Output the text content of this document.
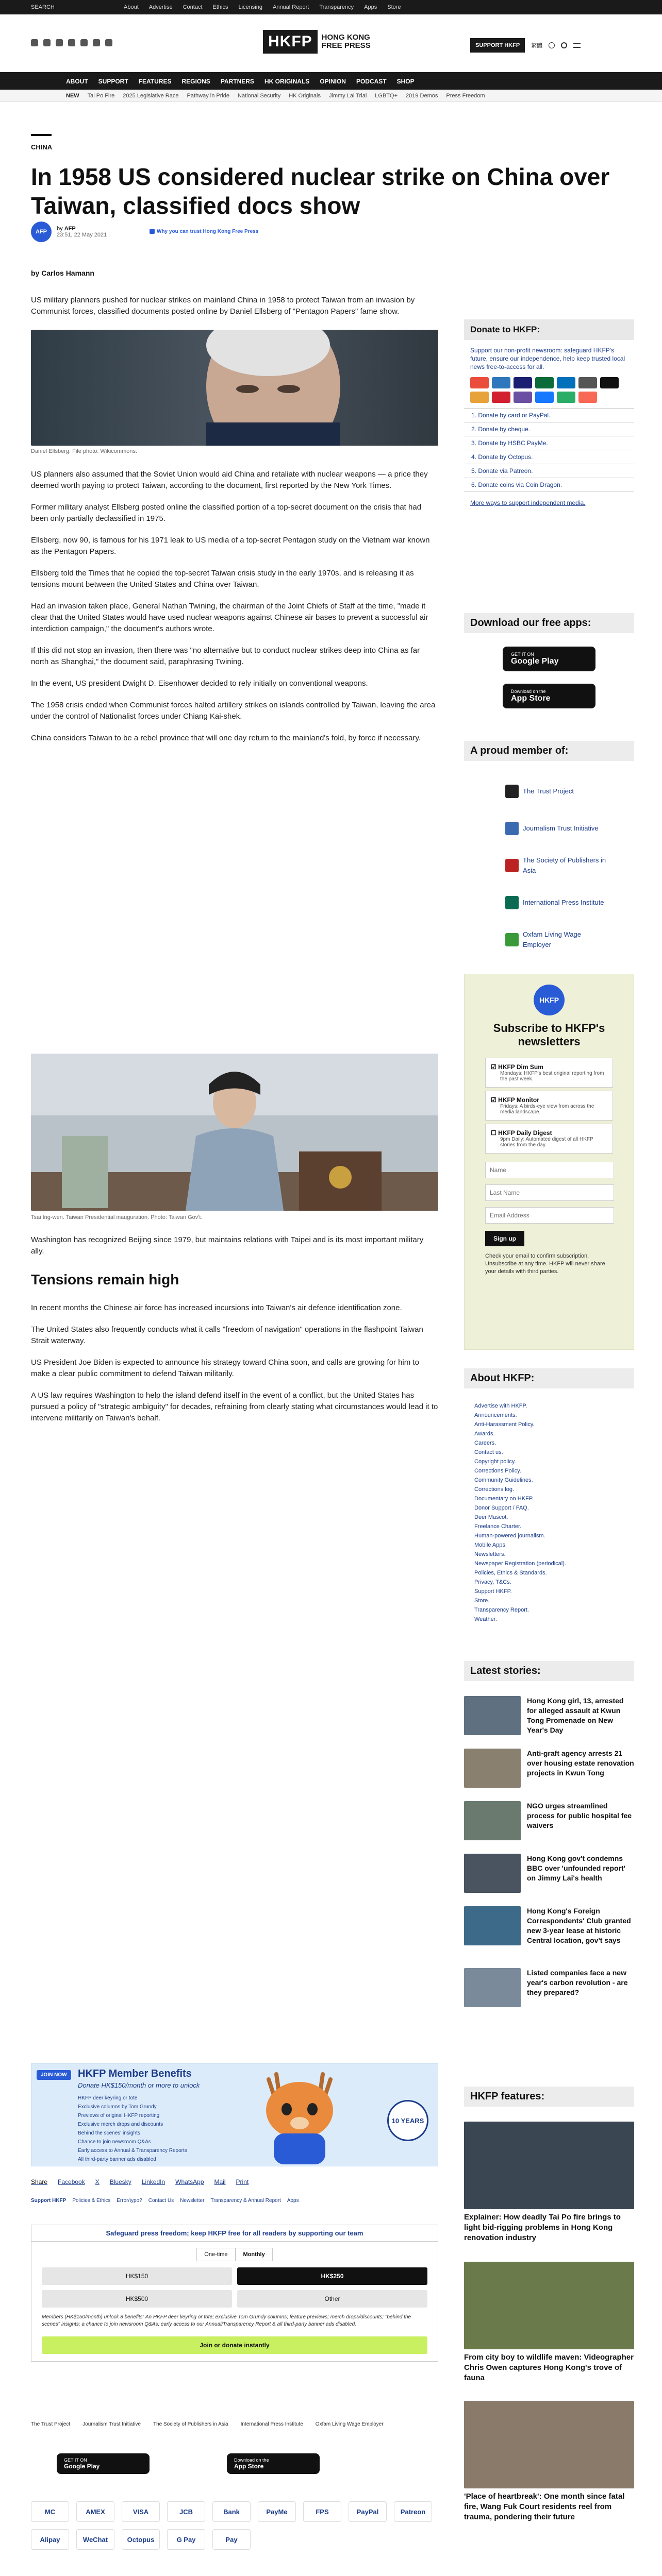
SEARCH	About Advertise Contact Ethics Licensing Annual Report Transparency Apps Store
HKFP	HONG KONG
FREE PRESS	SUPPORT HKFP	繁體
ABOUT SUPPORT FEATURES REGIONS PARTNERS HK ORIGINALS OPINION PODCAST SHOP
NEW Tai Po Fire 2025 Legislative Race Pathway in Pride National Security HK Originals Jimmy Lai Trial LGBTQ+ 2019 Demos Press Freedom
CHINA
In 1958 US considered nuclear strike on China over Taiwan, classified docs show
AFP	by AFP
23:51, 22 May 2021
Why you can trust Hong Kong Free Press
by Carlos Hamann
US military planners pushed for nuclear strikes on mainland China in 1958 to protect Taiwan from an invasion by Communist forces, classified documents posted online by Daniel Ellsberg of "Pentagon Papers" fame show.
Daniel Ellsberg. File photo: Wikicommons.

US planners also assumed that the Soviet Union would aid China and retaliate with nuclear weapons — a price they deemed worth paying to protect Taiwan, according to the document, first reported by the New York Times.

Former military analyst Ellsberg posted online the classified portion of a top-secret document on the crisis that had been only partially declassified in 1975.

Ellsberg, now 90, is famous for his 1971 leak to US media of a top-secret Pentagon study on the Vietnam war known as the Pentagon Papers.

Ellsberg told the Times that he copied the top-secret Taiwan crisis study in the early 1970s, and is releasing it as tensions mount between the United States and China over Taiwan.

Had an invasion taken place, General Nathan Twining, the chairman of the Joint Chiefs of Staff at the time, "made it clear that the United States would have used nuclear weapons against Chinese air bases to prevent a successful air interdiction campaign," the document's authors wrote.

If this did not stop an invasion, then there was "no alternative but to conduct nuclear strikes deep into China as far north as Shanghai," the document said, paraphrasing Twining.

In the event, US president Dwight D. Eisenhower decided to rely initially on conventional weapons.

The 1958 crisis ended when Communist forces halted artillery strikes on islands controlled by Taiwan, leaving the area under the control of Nationalist forces under Chiang Kai-shek.

China considers Taiwan to be a rebel province that will one day return to the mainland's fold, by force if necessary.

Tsai Ing-wen. Taiwan Presidential inauguration. Photo: Taiwan Gov't.
Washington has recognized Beijing since 1979, but maintains relations with Taipei and is its most important military ally.
Tensions remain high

In recent months the Chinese air force has increased incursions into Taiwan's air defence identification zone.

The United States also frequently conducts what it calls "freedom of navigation" operations in the flashpoint Taiwan Strait waterway.

US President Joe Biden is expected to announce his strategy toward China soon, and calls are growing for him to make a clear public commitment to defend Taiwan militarily.

A US law requires Washington to help the island defend itself in the event of a conflict, but the United States has pursued a policy of "strategic ambiguity" for decades, refraining from clearly stating what circumstances would lead it to intervene militarily on Taiwan's behalf.

JOIN NOW	HKFP Member Benefits
Donate HK$150/month or more to unlock
HKFP deer keyring or tote
Exclusive columns by Tom Grundy
Previews of original HKFP reporting
Exclusive merch drops and discounts
Behind the scenes' insights
Chance to join newsroom Q&As
Early access to Annual & Transparency Reports
All third-party banner ads disabled
10 YEARS
Share Facebook X Bluesky LinkedIn WhatsApp Mail Print
Support HKFP Policies & Ethics Error/typo? Contact Us Newsletter Transparency & Annual Report Apps
Safeguard press freedom; keep HKFP free for all readers by supporting our team
One-time	Monthly
HK$150	HK$250
HK$500	Other
Members (HK$150/month) unlock 8 benefits: An HKFP deer keyring or tote; exclusive Tom Grundy columns; feature previews; merch drops/discounts; "behind the scenes" insights; a chance to join newsroom Q&As; early access to our Annual/Transparency Report & all third-party banner ads disabled.
Join or donate instantly
The Trust Project Journalism Trust Initiative The Society of Publishers in Asia International Press Institute Oxfam Living Wage Employer
GET IT ON
Google Play
Download on the
App Store
MC	AMEX	VISA	JCB	Bank	PayMe	FPS	PayPal	Patreon
Alipay	WeChat	Octopus	G Pay	Pay

Donate to HKFP:
Support our non-profit newsroom: safeguard HKFP's future, ensure our independence, help keep trusted local news free-to-access for all.
1. Donate by card or PayPal.
2. Donate by cheque.
3. Donate by HSBC PayMe.
4. Donate by Octopus.
5. Donate via Patreon.
6. Donate coins via Coin Dragon.
More ways to support independent media.
Download our free apps:
GET IT ON
Google Play
Download on the
App Store
A proud member of:
The Trust Project
Journalism Trust Initiative
The Society of Publishers in Asia
International Press Institute
Oxfam Living Wage Employer
HKFP
Subscribe to HKFP's newsletters
☑ HKFP Dim Sum
Mondays: HKFP's best original reporting from the past week.
☑ HKFP Monitor
Fridays: A birds-eye view from across the media landscape.
☐ HKFP Daily Digest
9pm Daily: Automated digest of all HKFP stories from the day.
Name
Last Name
Email Address Sign up
Check your email to confirm subscription. Unsubscribe at any time. HKFP will never share your details with third parties.
About HKFP:
Advertise with HKFP.
Announcements.
Anti-Harassment Policy.
Awards.
Careers.
Contact us.
Copyright policy.
Corrections Policy.
Community Guidelines.
Corrections log.
Documentary on HKFP.
Donor Support / FAQ.
Deer Mascot.
Freelance Charter.
Human-powered journalism.
Mobile Apps.
Newsletters.
Newspaper Registration (periodical).
Policies, Ethics & Standards.
Privacy, T&Cs.
Support HKFP.
Store.
Transparency Report.
Weather.
Latest stories:
Hong Kong girl, 13, arrested for alleged assault at Kwun Tong Promenade on New Year's Day
Anti-graft agency arrests 21 over housing estate renovation projects in Kwun Tong
NGO urges streamlined process for public hospital fee waivers
Hong Kong gov't condemns BBC over 'unfounded report' on Jimmy Lai's health
Hong Kong's Foreign Correspondents' Club granted new 3-year lease at historic Central location, gov't says
Listed companies face a new year's carbon revolution - are they prepared?
HKFP features:
Explainer: How deadly Tai Po fire brings to light bid-rigging problems in Hong Kong renovation industry
From city boy to wildlife maven: Videographer Chris Owen captures Hong Kong's trove of fauna
'Place of heartbreak': One month since fatal fire, Wang Fuk Court residents reel from trauma, pondering their future
